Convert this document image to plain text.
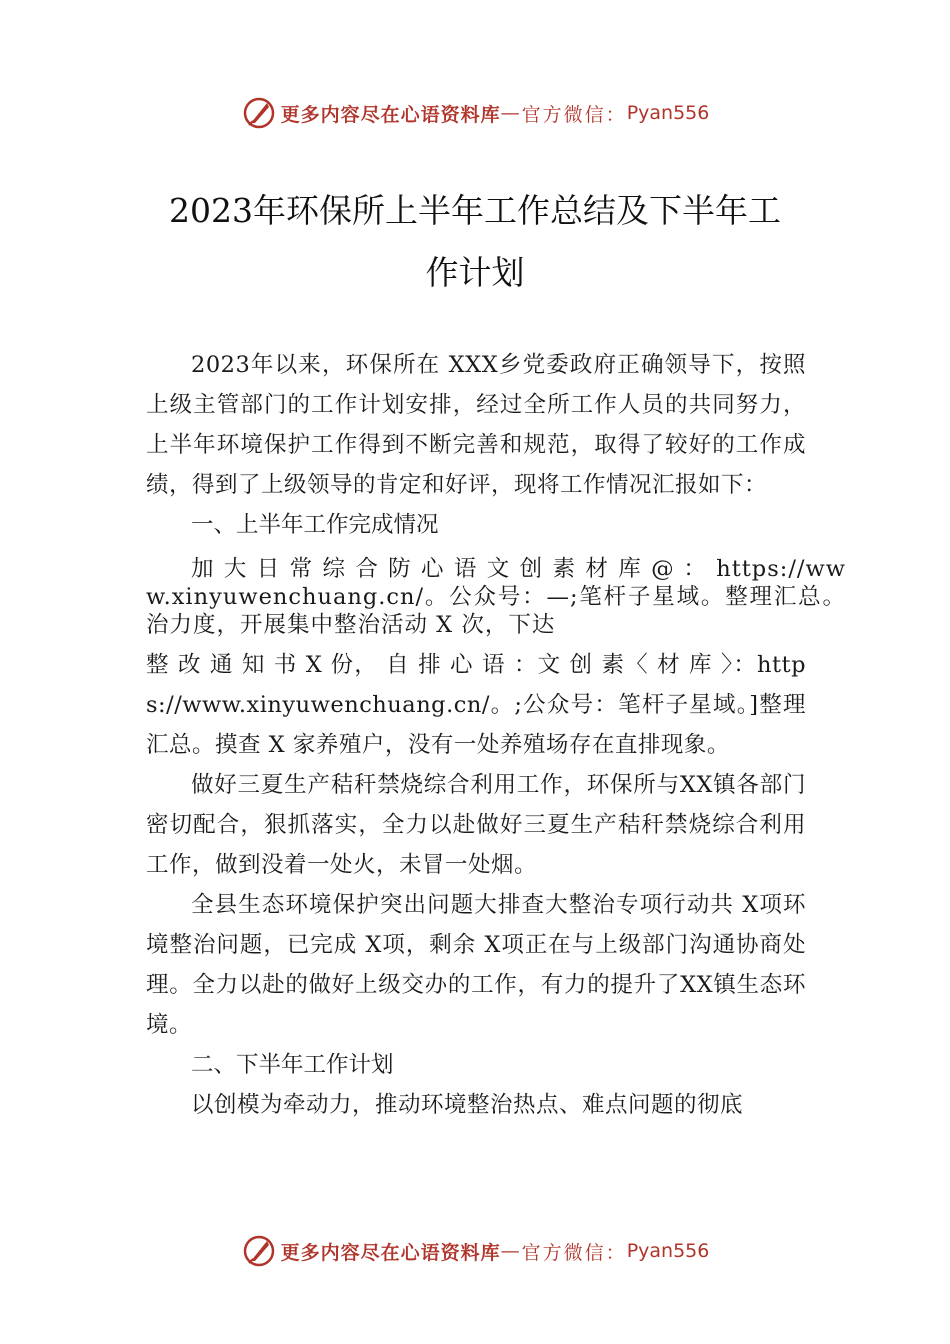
更多内容尽在心语资料库 — 官方微信： Pyan556
2023年环保所上半年工作总结及下半年工
作计划

2023年以来，环保所在 XXX乡党委政府正确领导下，按照上级主管部门的工作计划安排，经过全所工作人员的共同努力，上半年环境保护工作得到不断完善和规范，取得了较好的工作成绩，得到了上级领导的肯定和好评，现将工作情况汇报如下：

一、上半年工作完成情况

加 大 日 常 综 合 防 心 语 文 创 素 材 库 @ ： https://www.xinyuwenchuang.cn/。公众号：—;笔杆子星域。整理汇总。治力度，开展集中整治活动 X 次，下达

整 改 通 知 书 X 份， 自 排 心 语 ：文 创 素〈 材 库 〉：https://www.xinyuwenchuang.cn/。;公众号：笔杆子星域。]整理汇总。摸查 X 家养殖户，没有一处养殖场存在直排现象。

做好三夏生产秸秆禁烧综合利用工作，环保所与XX镇各部门密切配合，狠抓落实，全力以赴做好三夏生产秸秆禁烧综合利用工作，做到没着一处火，未冒一处烟。

全县生态环境保护突出问题大排查大整治专项行动共 X项环境整治问题，已完成 X项，剩余 X项正在与上级部门沟通协商处理。全力以赴的做好上级交办的工作，有力的提升了XX镇生态环境。

二、下半年工作计划

以创模为牵动力，推动环境整治热点、难点问题的彻底

更多内容尽在心语资料库 — 官方微信： Pyan556
